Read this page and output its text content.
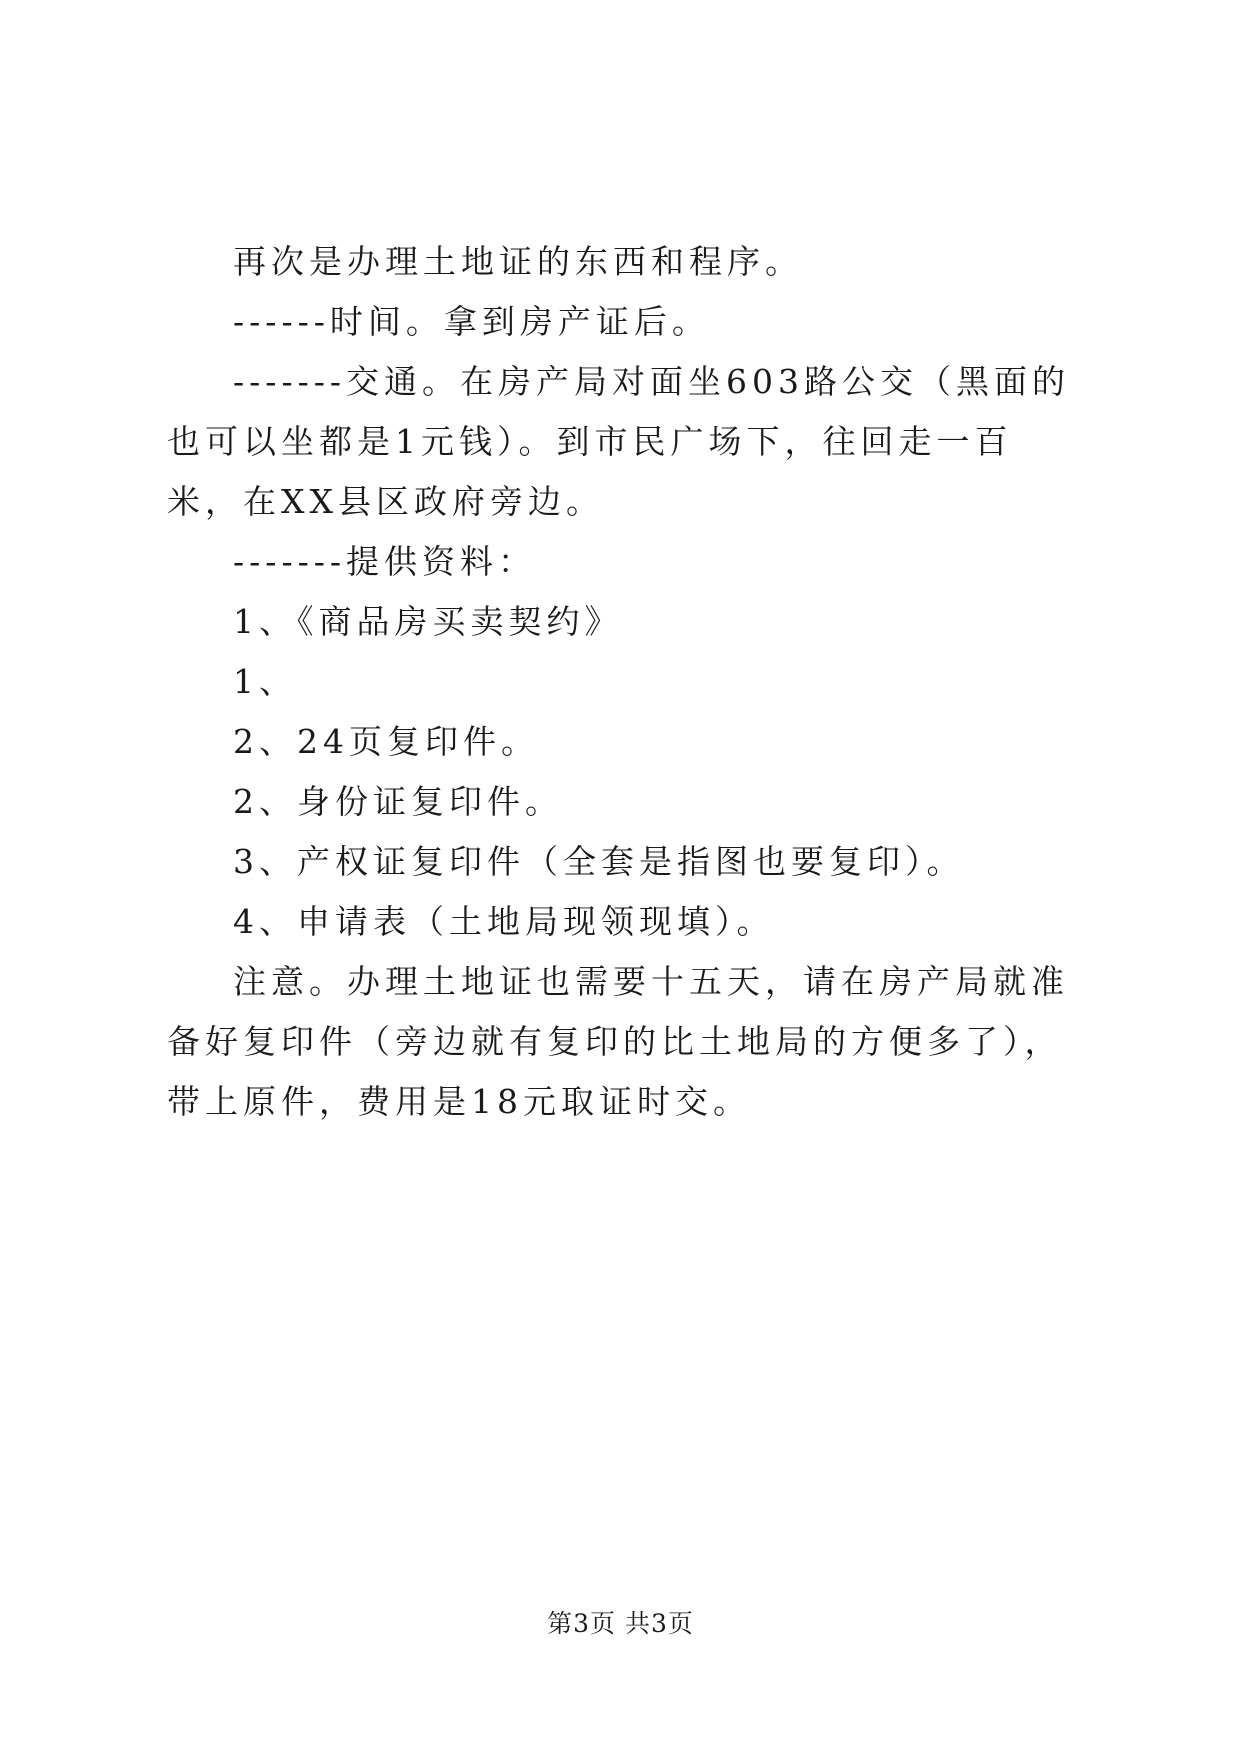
再次是办理土地证的东西和程序。

------时间。拿到房产证后。

-------交通。在房产局对面坐603路公交（黑面的也可以坐都是1元钱）。到市民广场下，往回走一百米，在XX县区政府旁边。

-------提供资料：

1、《商品房买卖契约》

1、

2、24页复印件。

2、身份证复印件。

3、产权证复印件（全套是指图也要复印）。

4、申请表（土地局现领现填）。

注意。办理土地证也需要十五天，请在房产局就准备好复印件（旁边就有复印的比土地局的方便多了），带上原件，费用是18元取证时交。

第3页 共3页
